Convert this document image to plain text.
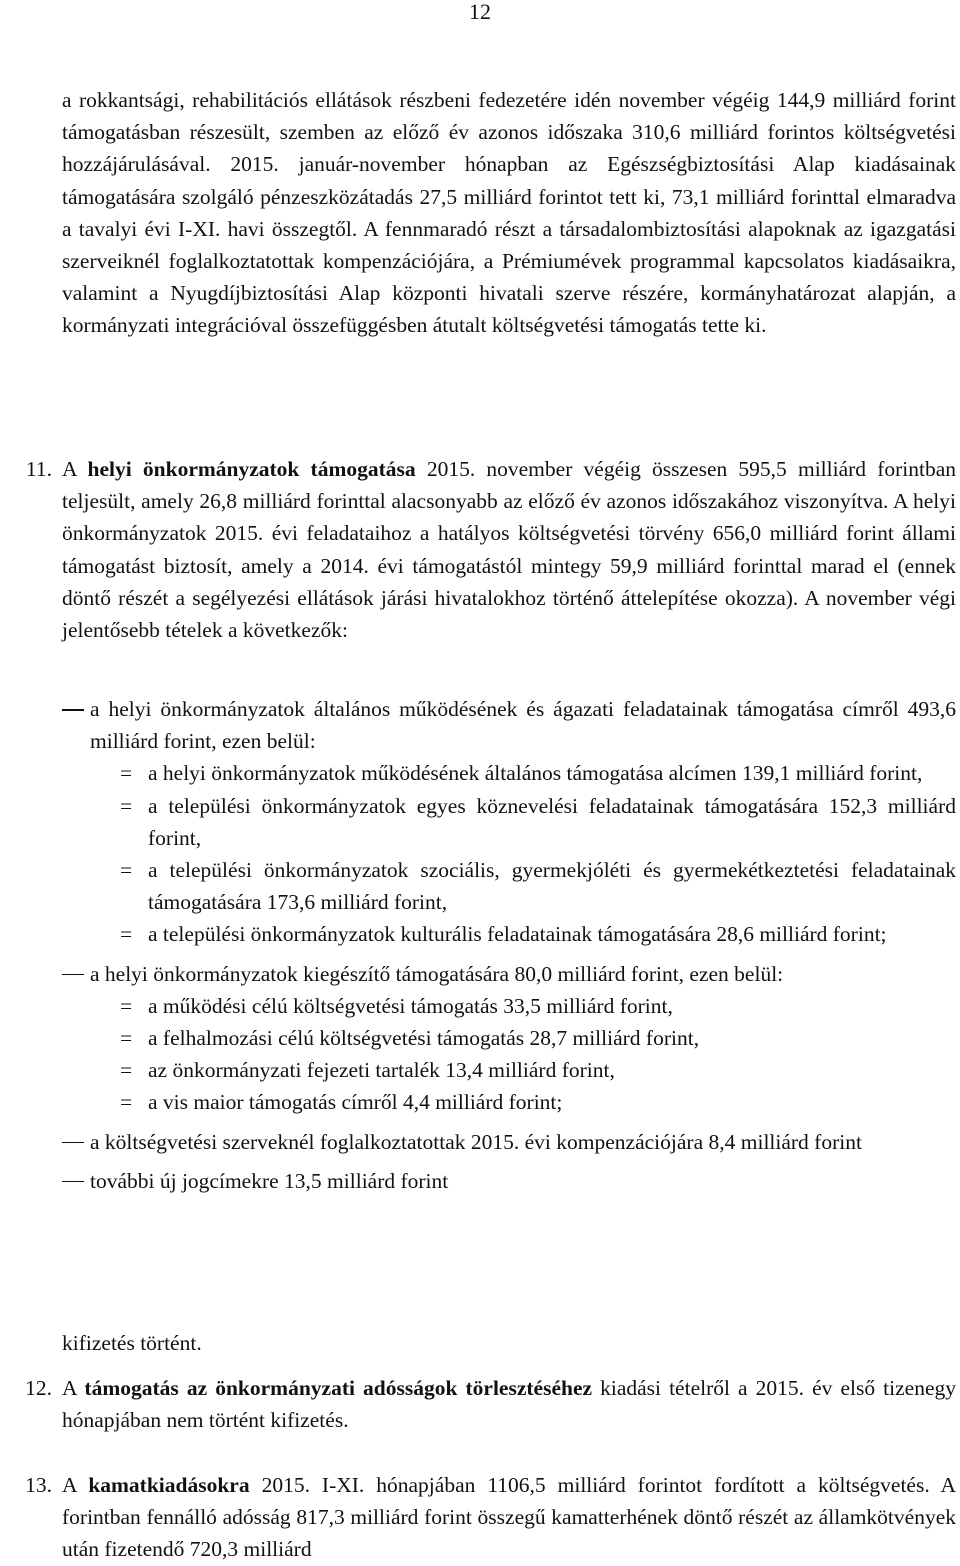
12

a rokkantsági, rehabilitációs ellátások részbeni fedezetére idén november végéig 144,9 milliárd forint támogatásban részesült, szemben az előző év azonos időszaka 310,6 milliárd forintos költségvetési hozzájárulásával. 2015. január-november hónapban az Egészségbiztosítási Alap kiadásainak támogatására szolgáló pénzeszközátadás 27,5 milliárd forintot tett ki, 73,1 milliárd forinttal elmaradva a tavalyi évi I-XI. havi összegtől. A fennmaradó részt a társadalombiztosítási alapoknak az igazgatási szerveiknél foglalkoztatottak kompenzációjára, a Prémiumévek programmal kapcsolatos kiadásaikra, valamint a Nyugdíjbiztosítási Alap központi hivatali szerve részére, kormányhatározat alapján, a kormányzati integrációval összefüggésben átutalt költségvetési támogatás tette ki.

11. A helyi önkormányzatok támogatása 2015. november végéig összesen 595,5 milliárd forintban teljesült, amely 26,8 milliárd forinttal alacsonyabb az előző év azonos időszakához viszonyítva. A helyi önkormányzatok 2015. évi feladataihoz a hatályos költségvetési törvény 656,0 milliárd forint állami támogatást biztosít, amely a 2014. évi támogatástól mintegy 59,9 milliárd forinttal marad el (ennek döntő részét a segélyezési ellátások járási hivatalokhoz történő áttelepítése okozza). A november végi jelentősebb tételek a következők:

a helyi önkormányzatok általános működésének és ágazati feladatainak támogatása címről 493,6 milliárd forint, ezen belül:

= a helyi önkormányzatok működésének általános támogatása alcímen 139,1 milliárd forint,

= a települési önkormányzatok egyes köznevelési feladatainak támogatására 152,3 milliárd forint,

= a települési önkormányzatok szociális, gyermekjóléti és gyermekétkeztetési feladatainak támogatására 173,6 milliárd forint,

= a települési önkormányzatok kulturális feladatainak támogatására 28,6 milliárd forint;

a helyi önkormányzatok kiegészítő támogatására 80,0 milliárd forint, ezen belül:

= a működési célú költségvetési támogatás 33,5 milliárd forint,

= a felhalmozási célú költségvetési támogatás 28,7 milliárd forint,

= az önkormányzati fejezeti tartalék 13,4 milliárd forint,

= a vis maior támogatás címről 4,4 milliárd forint;

a költségvetési szerveknél foglalkoztatottak 2015. évi kompenzációjára 8,4 milliárd forint

további új jogcímekre 13,5 milliárd forint

kifizetés történt.

12. A támogatás az önkormányzati adósságok törlesztéséhez kiadási tételről a 2015. év első tizenegy hónapjában nem történt kifizetés.

13. A kamatkiadásokra 2015. I-XI. hónapjában 1106,5 milliárd forintot fordított a költségvetés. A forintban fennálló adósság 817,3 milliárd forint összegű kamatterhének döntő részét az államkötvények után fizetendő 720,3 milliárd
